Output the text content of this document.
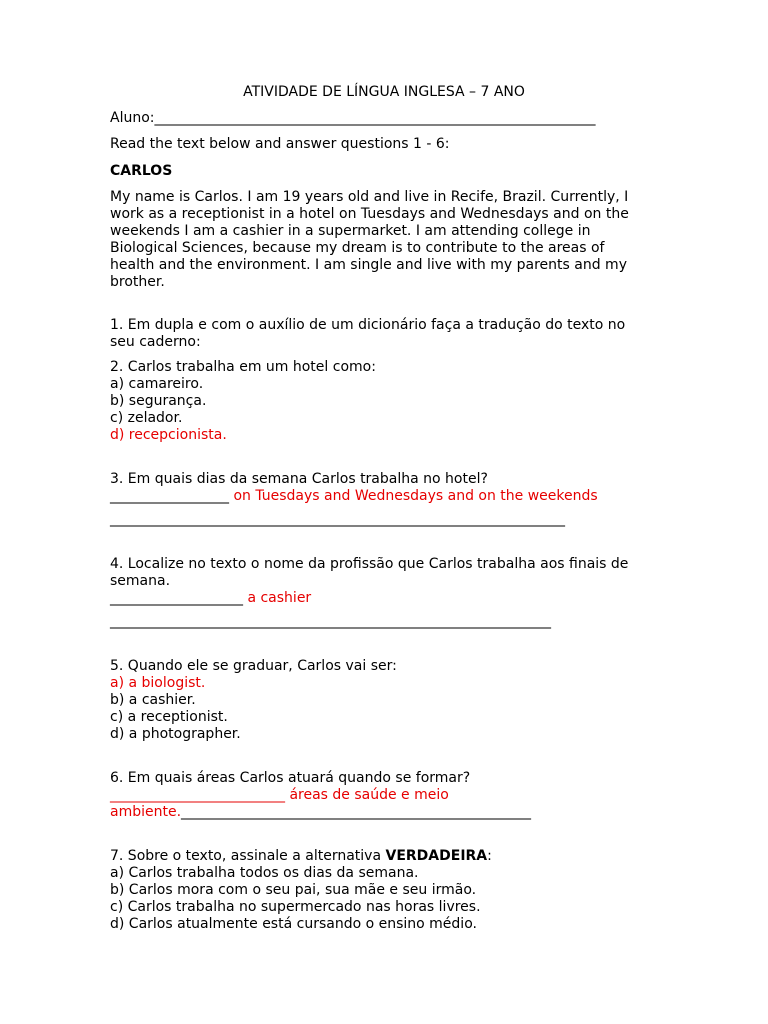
ATIVIDADE DE LÍNGUA INGLESA – 7 ANO
Aluno:_______________________________________________________________
Read the text below and answer questions 1 - 6:
CARLOS
My name is Carlos. I am 19 years old and live in Recife, Brazil. Currently, I
work as a receptionist in a hotel on Tuesdays and Wednesdays and on the
weekends I am a cashier in a supermarket. I am attending college in
Biological Sciences, because my dream is to contribute to the areas of
health and the environment. I am single and live with my parents and my
brother.
1. Em dupla e com o auxílio de um dicionário faça a tradução do texto no
seu caderno:
2. Carlos trabalha em um hotel como:
a) camareiro.
b) segurança.
c) zelador.
d) recepcionista.
3. Em quais dias da semana Carlos trabalha no hotel?
_________________ on Tuesdays and Wednesdays and on the weekends
_________________________________________________________________
4. Localize no texto o nome da profissão que Carlos trabalha aos finais de
semana.
___________________ a cashier
_______________________________________________________________
5. Quando ele se graduar, Carlos vai ser:
a) a biologist.
b) a cashier.
c) a receptionist.
d) a photographer.
6. Em quais áreas Carlos atuará quando se formar?
_________________________ áreas de saúde e meio
ambiente.__________________________________________________
7. Sobre o texto, assinale a alternativa VERDADEIRA:
a) Carlos trabalha todos os dias da semana.
b) Carlos mora com o seu pai, sua mãe e seu irmão.
c) Carlos trabalha no supermercado nas horas livres.
d) Carlos atualmente está cursando o ensino médio.
